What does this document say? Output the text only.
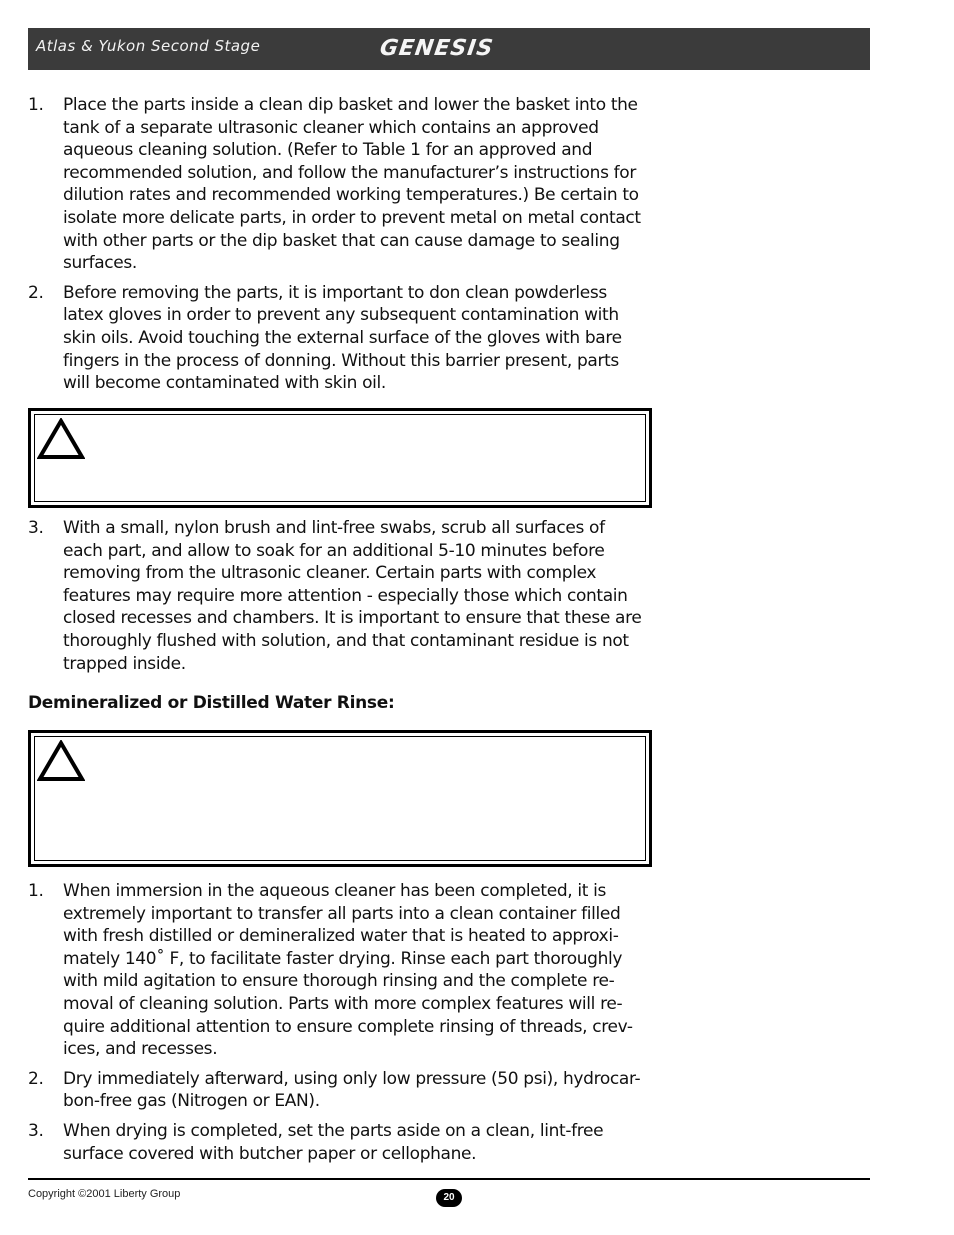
Atlas & Yukon Second Stage	GENESIS
1. Place the parts inside a clean dip basket and lower the basket into the tank of a separate ultrasonic cleaner which contains an approved aqueous cleaning solution. (Refer to Table 1 for an approved and recommended solution, and follow the manufacturer’s instructions for dilution rates and recommended working temperatures.) Be certain to isolate more delicate parts, in order to prevent metal on metal contact with other parts or the dip basket that can cause damage to sealing surfaces.
2. Before removing the parts, it is important to don clean powderless latex gloves in order to prevent any subsequent contamination with skin oils. Avoid touching the external surface of the gloves with bare fingers in the process of donning. Without this barrier present, parts will become contaminated with skin oil.
3. With a small, nylon brush and lint-free swabs, scrub all surfaces of each part, and allow to soak for an additional 5-10 minutes before removing from the ultrasonic cleaner. Certain parts with complex features may require more attention - especially those which contain closed recesses and chambers. It is important to ensure that these are thoroughly flushed with solution, and that contaminant residue is not trapped inside.
Demineralized or Distilled Water Rinse:
1. When immersion in the aqueous cleaner has been completed, it is extremely important to transfer all parts into a clean container filled with fresh distilled or demineralized water that is heated to approxi-mately 140˚ F, to facilitate faster drying. Rinse each part thoroughly with mild agitation to ensure thorough rinsing and the complete re-moval of cleaning solution. Parts with more complex features will re-quire additional attention to ensure complete rinsing of threads, crev-ices, and recesses.
2. Dry immediately afterward, using only low pressure (50 psi), hydrocar-bon-free gas (Nitrogen or EAN).
3. When drying is completed, set the parts aside on a clean, lint-free surface covered with butcher paper or cellophane.
Copyright ©2001 Liberty Group	20
